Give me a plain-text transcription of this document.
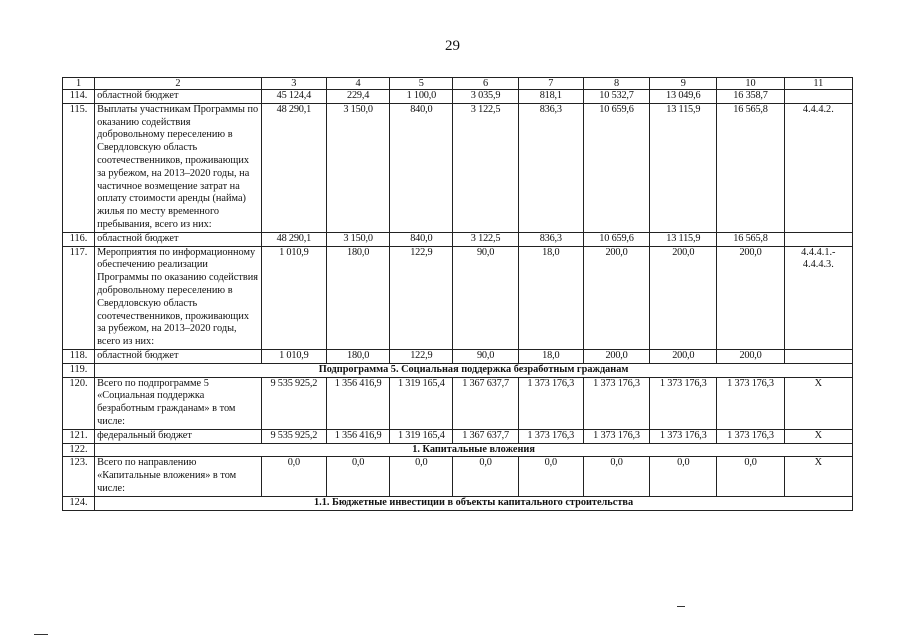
29
1	2	3	4	5	6	7	8	9	10	11
114.	областной бюджет	45 124,4	229,4	1 100,0	3 035,9	818,1	10 532,7	13 049,6	16 358,7	
115.	Выплаты участникам Программы по оказанию содействия добровольному переселению в Свердловскую область соотечественников, проживающих за рубежом, на 2013–2020 годы, на частичное возмещение затрат на оплату стоимости аренды (найма) жилья по месту временного пребывания, всего из них:	48 290,1	3 150,0	840,0	3 122,5	836,3	10 659,6	13 115,9	16 565,8	4.4.4.2.
116.	областной бюджет	48 290,1	3 150,0	840,0	3 122,5	836,3	10 659,6	13 115,9	16 565,8	
117.	Мероприятия по информационному обеспечению реализации Программы по оказанию содействия добровольному переселению в Свердловскую область соотечественников, проживающих за рубежом, на 2013–2020 годы, всего из них:	1 010,9	180,0	122,9	90,0	18,0	200,0	200,0	200,0	4.4.4.1.- 4.4.4.3.
118.	областной бюджет	1 010,9	180,0	122,9	90,0	18,0	200,0	200,0	200,0	
119.	Подпрограмма 5. Социальная поддержка безработным гражданам									
120.	Всего по подпрограмме 5 «Социальная поддержка безработным гражданам» в том числе:	9 535 925,2	1 356 416,9	1 319 165,4	1 367 637,7	1 373 176,3	1 373 176,3	1 373 176,3	1 373 176,3	X
121.	федеральный бюджет	9 535 925,2	1 356 416,9	1 319 165,4	1 367 637,7	1 373 176,3	1 373 176,3	1 373 176,3	1 373 176,3	X
122.	1. Капитальные вложения									
123.	Всего по направлению «Капитальные вложения» в том числе:	0,0	0,0	0,0	0,0	0,0	0,0	0,0	0,0	X
124.	1.1. Бюджетные инвестиции в объекты капитального строительства									
